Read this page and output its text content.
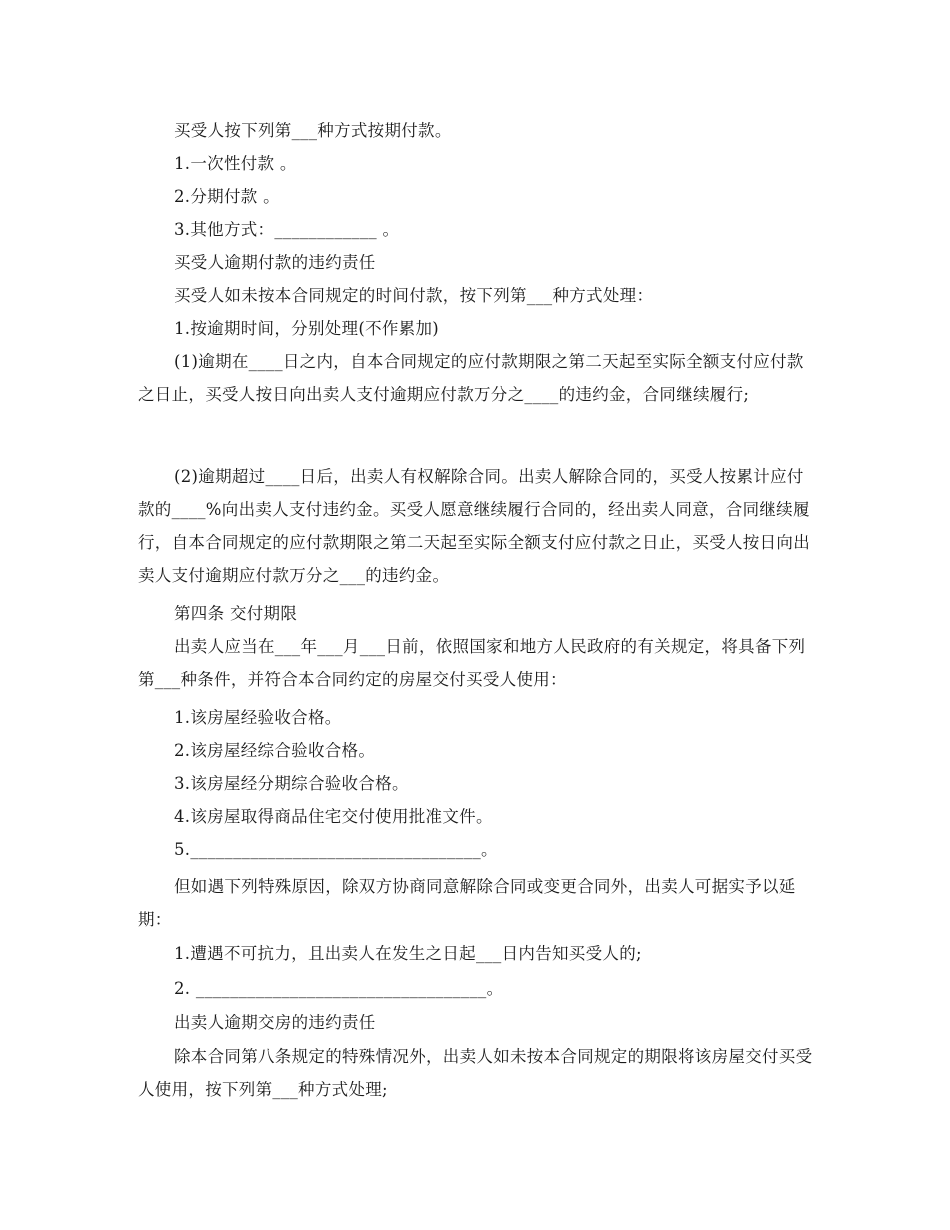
买受人按下列第___种方式按期付款。
1.一次性付款 。
2.分期付款 。
3.其他方式：____________ 。
买受人逾期付款的违约责任
买受人如未按本合同规定的时间付款，按下列第___种方式处理：
1.按逾期时间，分别处理(不作累加)
(1)逾期在____日之内，自本合同规定的应付款期限之第二天起至实际全额支付应付款之日止，买受人按日向出卖人支付逾期应付款万分之____的违约金，合同继续履行;
(2)逾期超过____日后，出卖人有权解除合同。出卖人解除合同的，买受人按累计应付款的____%向出卖人支付违约金。买受人愿意继续履行合同的，经出卖人同意，合同继续履行，自本合同规定的应付款期限之第二天起至实际全额支付应付款之日止，买受人按日向出卖人支付逾期应付款万分之___的违约金。
第四条 交付期限
出卖人应当在___年___月___日前，依照国家和地方人民政府的有关规定，将具备下列第___种条件，并符合本合同约定的房屋交付买受人使用：
1.该房屋经验收合格。
2.该房屋经综合验收合格。
3.该房屋经分期综合验收合格。
4.该房屋取得商品住宅交付使用批准文件。
5.__________________________________。
但如遇下列特殊原因，除双方协商同意解除合同或变更合同外，出卖人可据实予以延期：
1.遭遇不可抗力，且出卖人在发生之日起___日内告知买受人的;
2. __________________________________。
出卖人逾期交房的违约责任
除本合同第八条规定的特殊情况外，出卖人如未按本合同规定的期限将该房屋交付买受人使用，按下列第___种方式处理;
